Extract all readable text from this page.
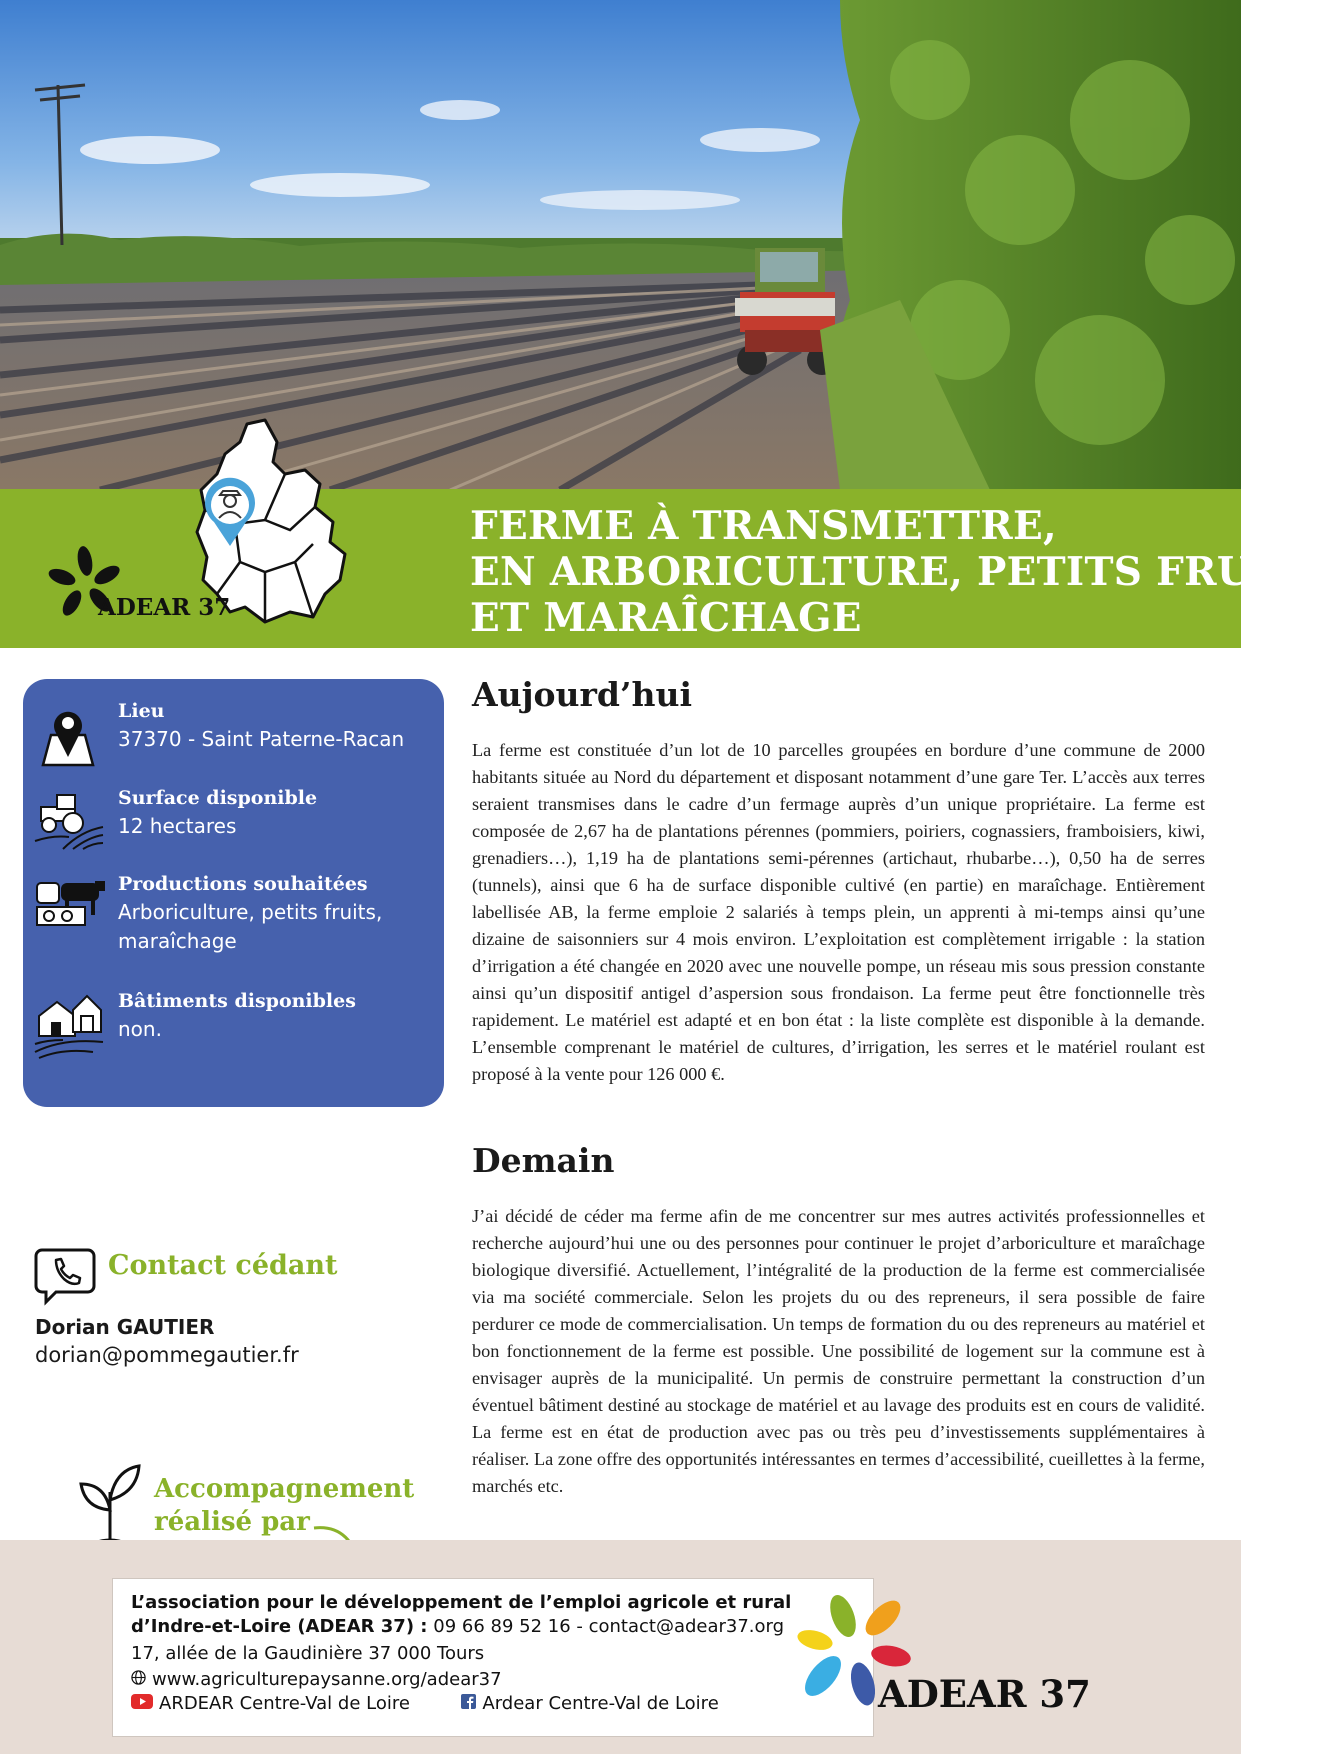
FERME À TRANSMETTRE,
EN ARBORICULTURE, PETITS FRUITS
ET MARAÎCHAGE
ADEAR 37
Lieu
37370 - Saint Paterne-Racan
Surface disponible
12 hectares
Productions souhaitées
Arboriculture, petits fruits,
maraîchage
Bâtiments disponibles
non.
Aujourd’hui
La ferme est constituée d’un lot de 10 parcelles groupées en bordure d’une commune de 2000 habitants située au Nord du département et disposant notamment d’une gare Ter. L’accès aux terres seraient transmises dans le cadre d’un fermage auprès d’un unique propriétaire. La ferme est composée de 2,67 ha de plantations pérennes (pommiers, poiriers, cognassiers, framboisiers, kiwi, grenadiers…), 1,19 ha de plantations semi-pérennes (artichaut, rhubarbe…), 0,50 ha de serres (tunnels), ainsi que 6 ha de surface disponible cultivé (en partie) en maraîchage. Entièrement labellisée AB, la ferme emploie 2 salariés à temps plein, un apprenti à mi-temps ainsi qu’une dizaine de saisonniers sur 4 mois environ. L’exploitation est complètement irrigable : la station d’irrigation a été changée en 2020 avec une nouvelle pompe, un réseau mis sous pression constante ainsi qu’un dispositif antigel d’aspersion sous frondaison. La ferme peut être fonctionnelle très rapidement. Le matériel est adapté et en bon état : la liste complète est disponible à la demande. L’ensemble comprenant le matériel de cultures, d’irrigation, les serres et le matériel roulant est proposé à la vente pour 126 000 €.
Demain
J’ai décidé de céder ma ferme afin de me concentrer sur mes autres activités professionnelles et recherche aujourd’hui une ou des personnes pour continuer le projet d’arboriculture et maraîchage biologique diversifié. Actuellement, l’intégralité de la production de la ferme est commercialisée via ma société commerciale. Selon les projets du ou des repreneurs, il sera possible de faire perdurer ce mode de commercialisation. Un temps de formation du ou des repreneurs au matériel et bon fonctionnement de la ferme est possible. Une possibilité de logement sur la commune est à envisager auprès de la municipalité. Un permis de construire permettant la construction d’un éventuel bâtiment destiné au stockage de matériel et au lavage des produits est en cours de validité. La ferme est en état de production avec pas ou très peu d’investissements supplémentaires à réaliser. La zone offre des opportunités intéressantes en termes d’accessibilité, cueillettes à la ferme, marchés etc.
Contact cédant
Dorian GAUTIER
dorian@pommegautier.fr
Accompagnement
réalisé par
L’association pour le développement de l’emploi agricole et rural
d’Indre-et-Loire (ADEAR 37) : 09 66 89 52 16 - contact@adear37.org
17, allée de la Gaudinière 37 000 Tours
www.agriculturepaysanne.org/adear37
ARDEAR Centre-Val de Loire	Ardear Centre-Val de Loire	ADEAR 37
